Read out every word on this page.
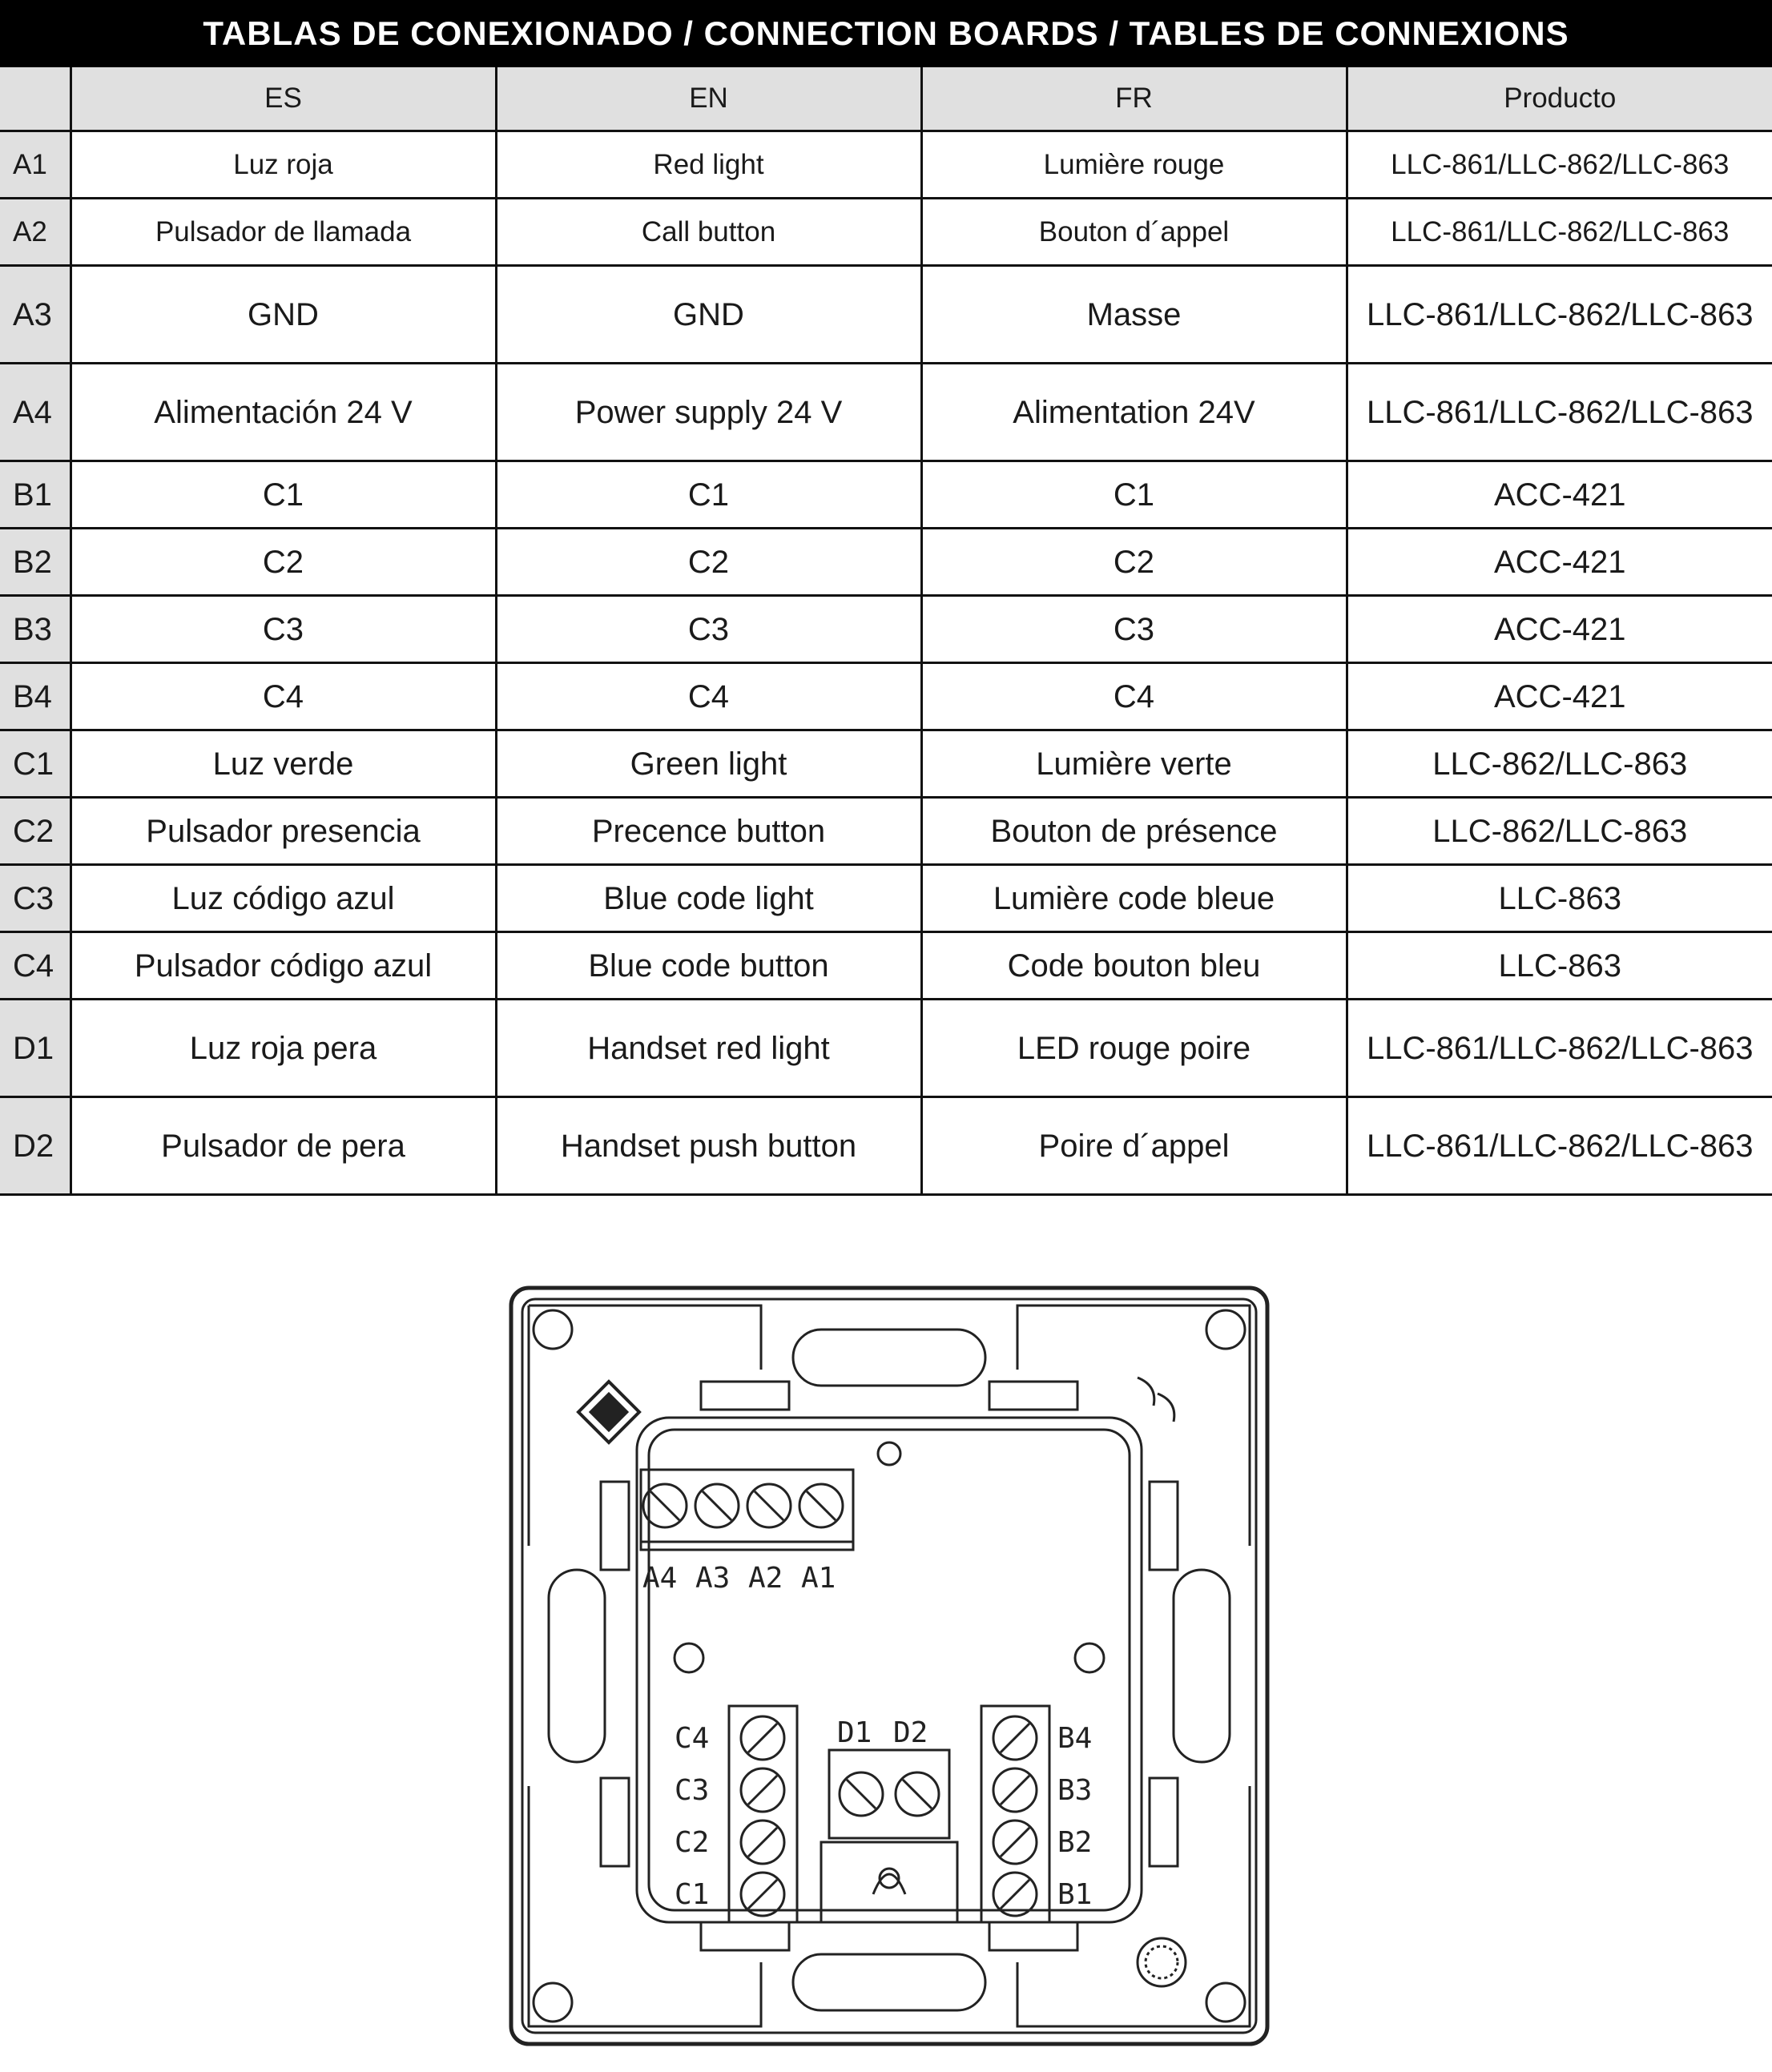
TABLAS DE CONEXIONADO / CONNECTION BOARDS / TABLES DE CONNEXIONS
	ES	EN	FR	Producto
A1	Luz roja	Red light	Lumière rouge	LLC-861/LLC-862/LLC-863
A2	Pulsador de llamada	Call button	Bouton d´appel	LLC-861/LLC-862/LLC-863
A3	GND	GND	Masse	LLC-861/LLC-862/LLC-863
A4	Alimentación 24 V	Power supply 24 V	Alimentation 24V	LLC-861/LLC-862/LLC-863
B1	C1	C1	C1	ACC-421
B2	C2	C2	C2	ACC-421
B3	C3	C3	C3	ACC-421
B4	C4	C4	C4	ACC-421
C1	Luz verde	Green light	Lumière verte	LLC-862/LLC-863
C2	Pulsador presencia	Precence button	Bouton de présence	LLC-862/LLC-863
C3	Luz código azul	Blue code light	Lumière code bleue	LLC-863
C4	Pulsador código azul	Blue code button	Code bouton bleu	LLC-863
D1	Luz roja pera	Handset red light	LED rouge poire	LLC-861/LLC-862/LLC-863
D2	Pulsador de pera	Handset push button	Poire d´appel	LLC-861/LLC-862/LLC-863
A4 A3 A2 A1
C4
C3
C2
C1
B4
B3
B2
B1
D1 D2
